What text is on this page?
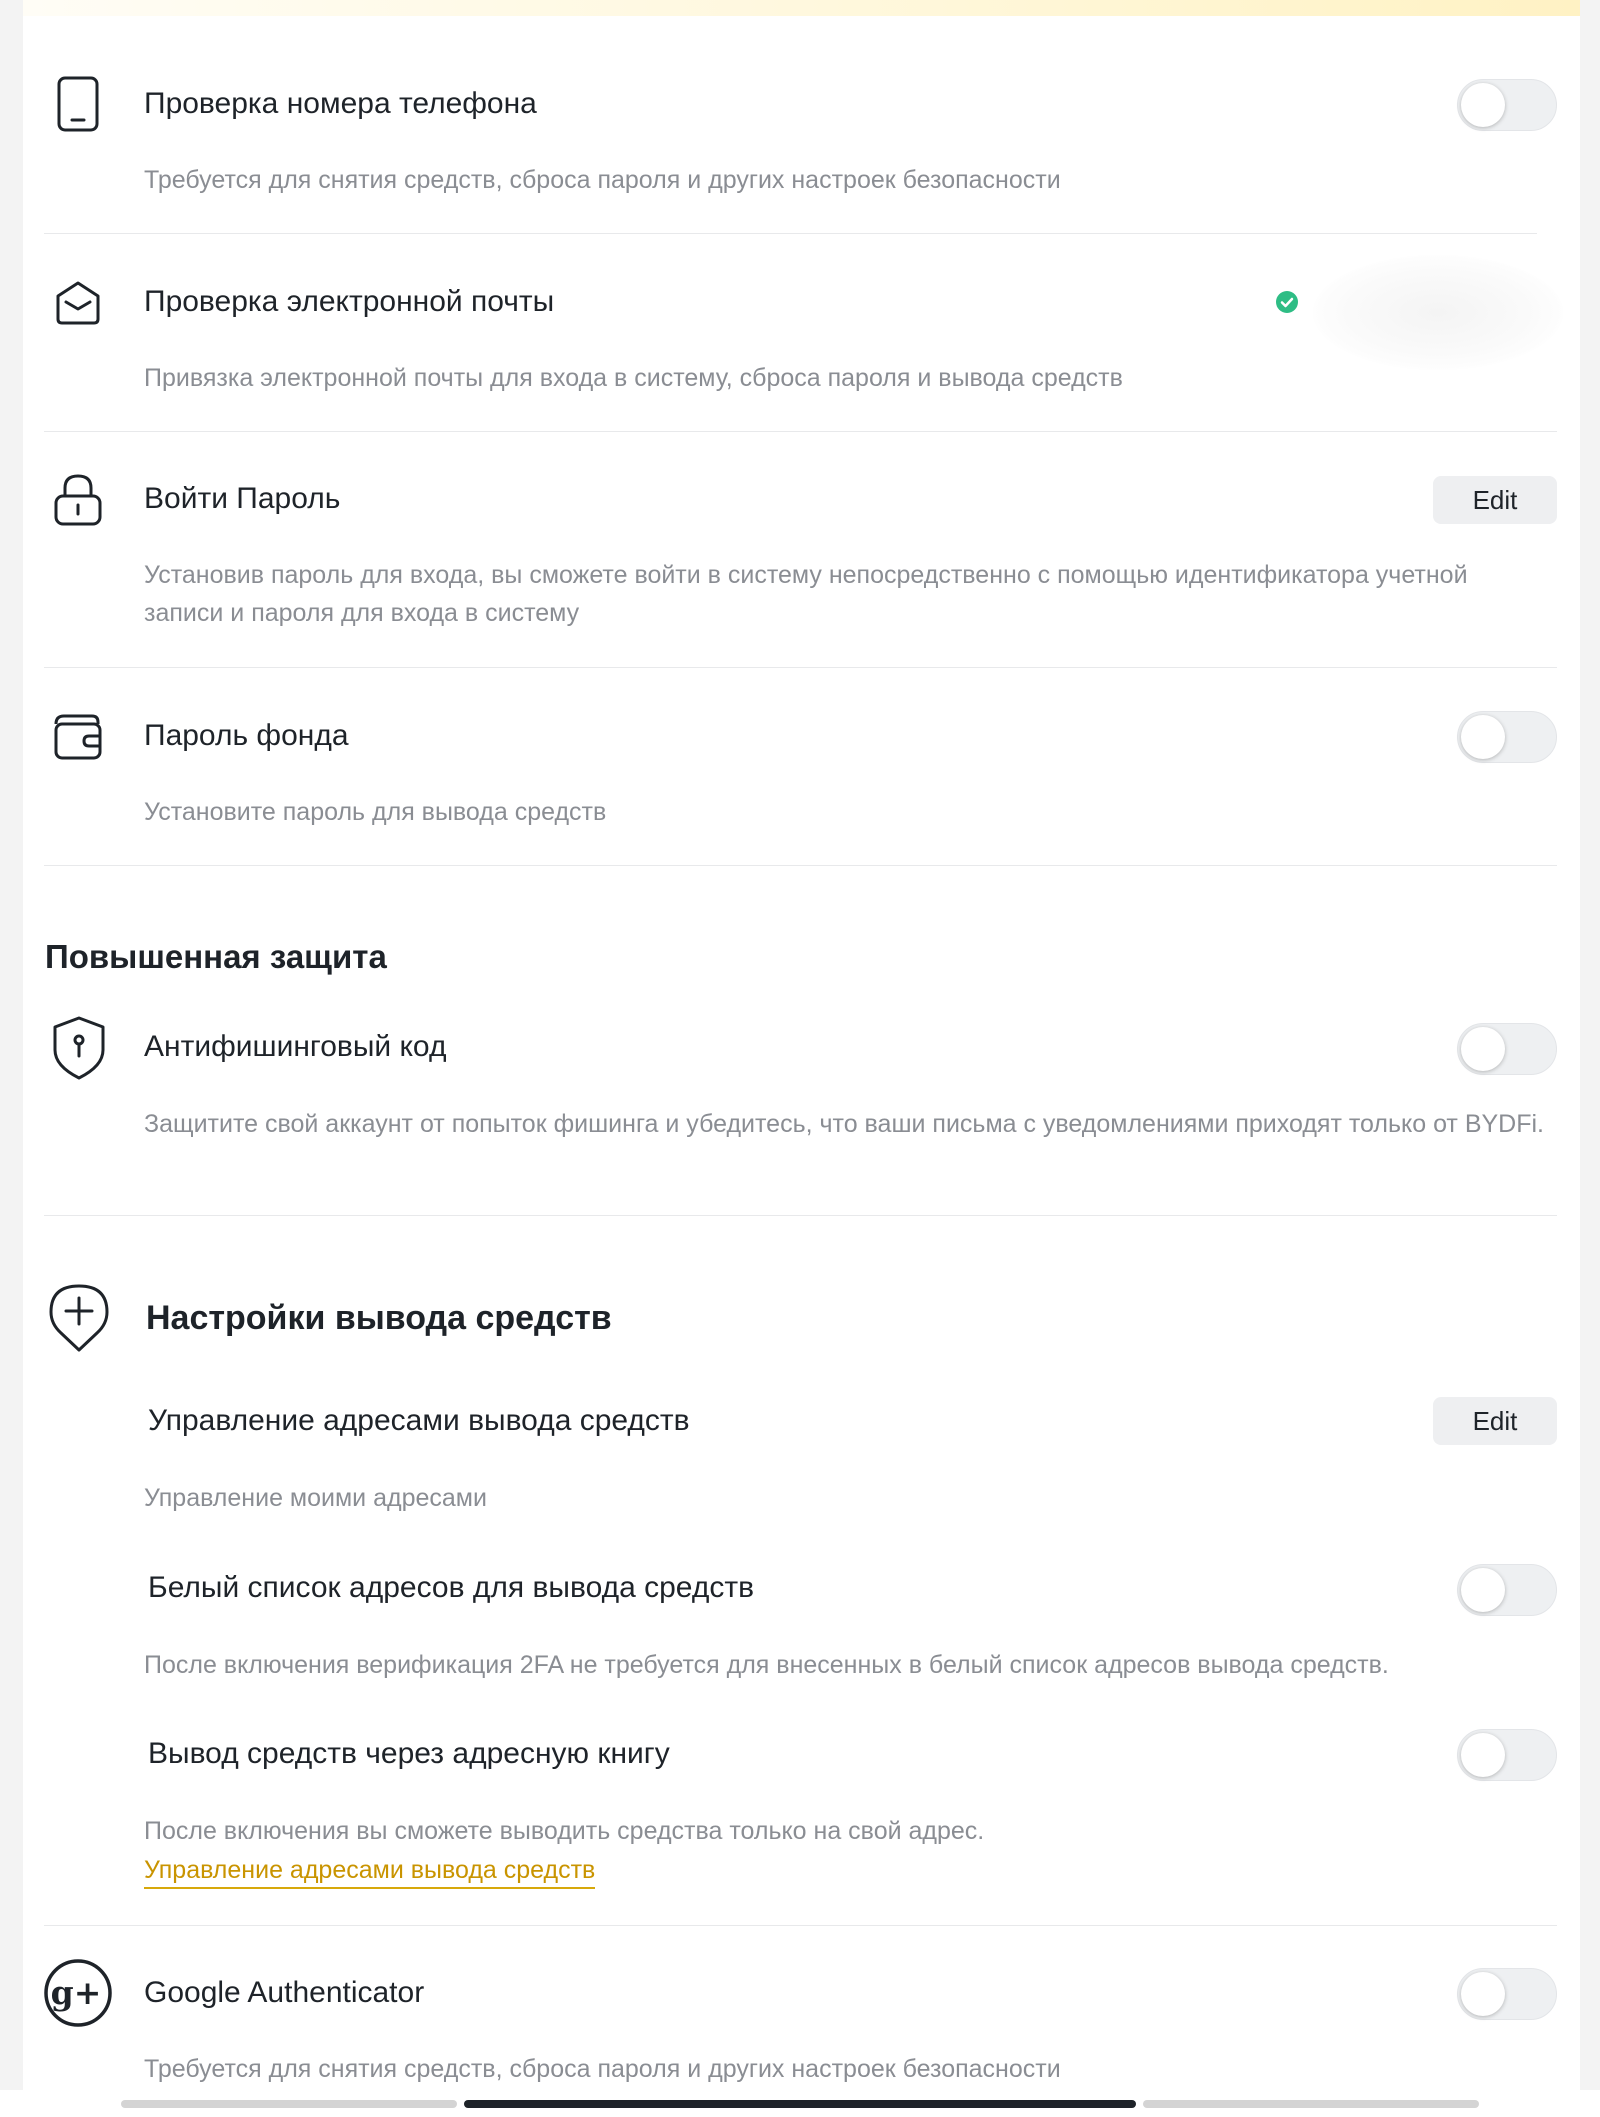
Проверка номера телефона
Требуется для снятия средств, сброса пароля и других настроек безопасности
Проверка электронной почты
Привязка электронной почты для входа в систему, сброса пароля и вывода средств
Войти Пароль	Edit
Установив пароль для входа, вы сможете войти в систему непосредственно с помощью идентификатора учетной записи и пароля для входа в систему
Пароль фонда
Установите пароль для вывода средств
Повышенная защита
Антифишинговый код
Защитите свой аккаунт от попыток фишинга и убедитесь, что ваши письма с уведомлениями приходят только от BYDFi.
Настройки вывода средств
Управление адресами вывода средств	Edit
Управление моими адресами
Белый список адресов для вывода средств
После включения верификация 2FA не требуется для внесенных в белый список адресов вывода средств.
Вывод средств через адресную книгу
После включения вы сможете выводить средства только на свой адрес.
Управление адресами вывода средств
g+ Google Authenticator
Требуется для снятия средств, сброса пароля и других настроек безопасности
